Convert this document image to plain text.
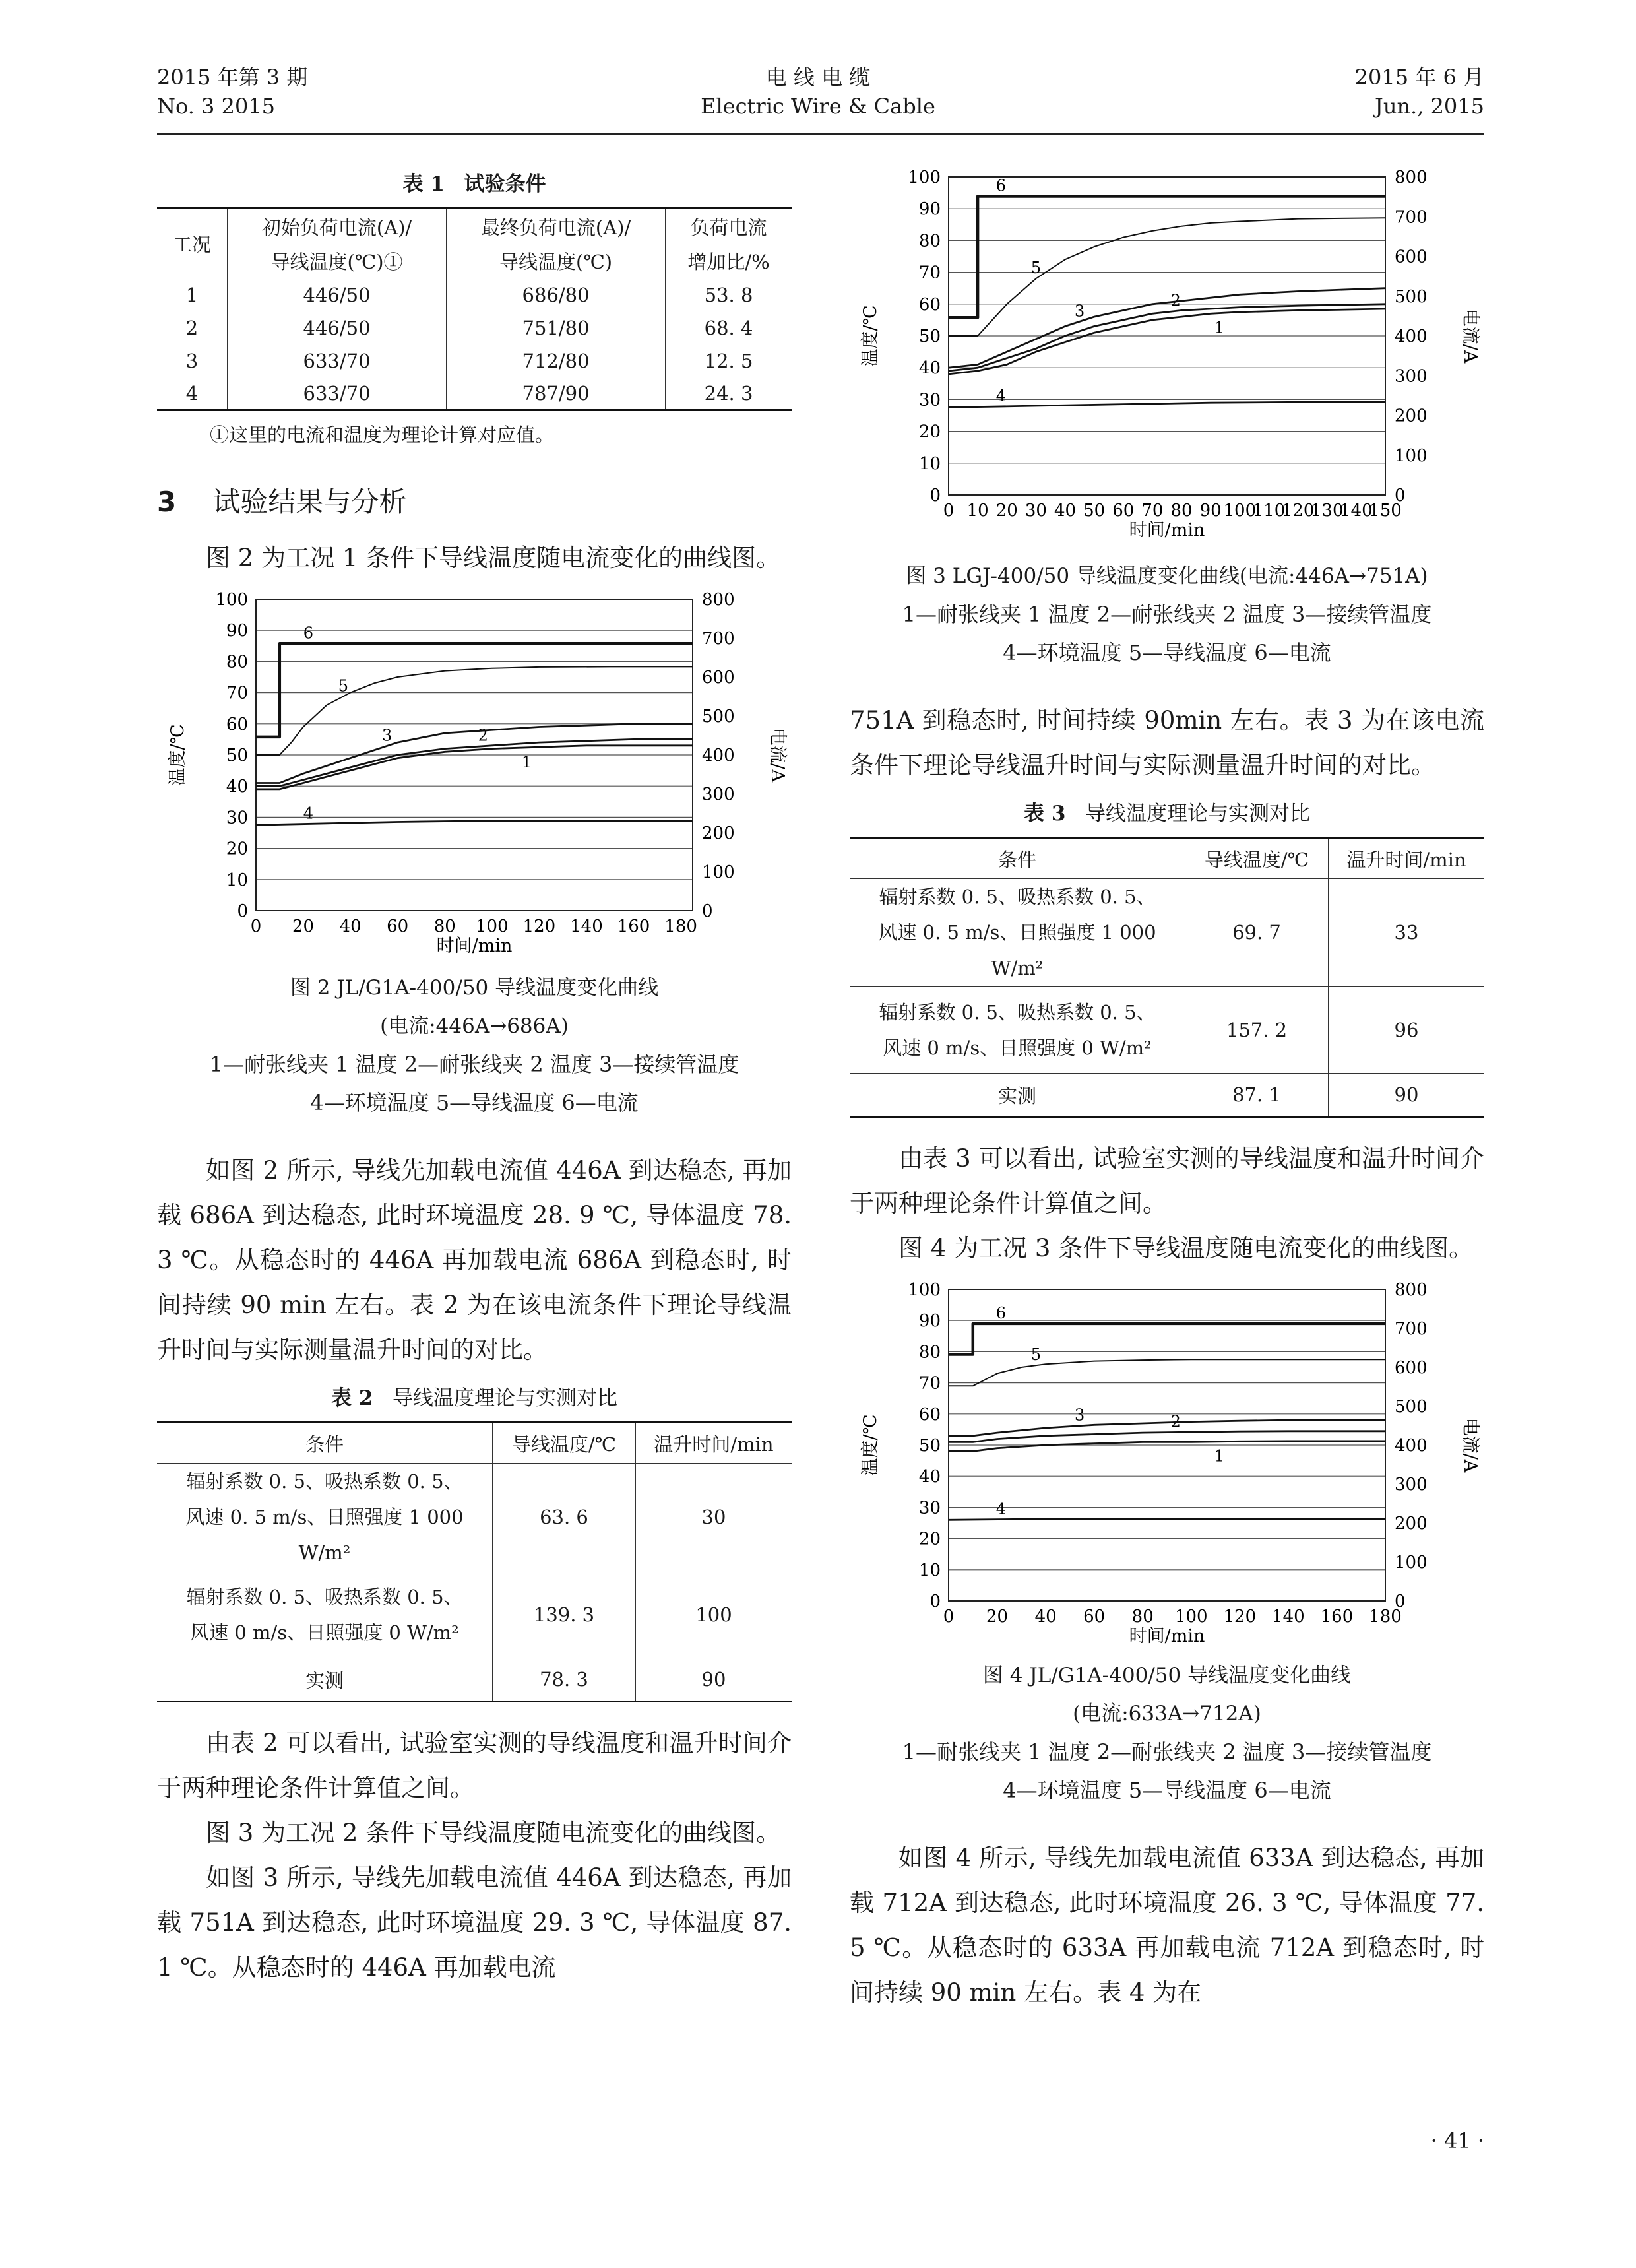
2015 年第 3 期
No. 3 2015
电 线 电 缆
Electric Wire & Cable
2015 年 6 月
Jun., 2015
表 1 试验条件
工况	初始负荷电流(A)/	最终负荷电流(A)/	负荷电流
	导线温度(℃)①	导线温度(℃)	增加比/%
1	446/50	686/80	53. 8
2	446/50	751/80	68. 4
3	633/70	712/80	12. 5
4	633/70	787/90	24. 3
①这里的电流和温度为理论计算对应值。
3 试验结果与分析

图 2 为工况 1 条件下导线温度随电流变化的曲线图。

0
10
20
30
40
50
60
70
80
90
100
0
100
200
300
400
500
600
700
800
0 20 40 60 80 100 120 140 160 180
时间/min
温度/℃	电流/A
1
2
3
4
5
6
图 2 JL/G1A-400/50 导线温度变化曲线
(电流:446A→686A)
1—耐张线夹 1 温度 2—耐张线夹 2 温度 3—接续管温度
4—环境温度 5—导线温度 6—电流

如图 2 所示, 导线先加载电流值 446A 到达稳态, 再加载 686A 到达稳态, 此时环境温度 28. 9 ℃, 导体温度 78. 3 ℃。从稳态时的 446A 再加载电流 686A 到稳态时, 时间持续 90 min 左右。表 2 为在该电流条件下理论导线温升时间与实际测量温升时间的对比。

表 2 导线温度理论与实测对比
条件	导线温度/℃	温升时间/min

辐射系数 0. 5、吸热系数 0. 5、
风速 0. 5 m/s、日照强度 1 000 W/m²	63. 6	30

辐射系数 0. 5、吸热系数 0. 5、
风速 0 m/s、日照强度 0 W/m²	139. 3	100
实测	78. 3	90

由表 2 可以看出, 试验室实测的导线温度和温升时间介于两种理论条件计算值之间。

图 3 为工况 2 条件下导线温度随电流变化的曲线图。

如图 3 所示, 导线先加载电流值 446A 到达稳态, 再加载 751A 到达稳态, 此时环境温度 29. 3 ℃, 导体温度 87. 1 ℃。从稳态时的 446A 再加载电流

0
10
20
30
40
50
60
70
80
90
100
0
100
200
300
400
500
600
700
800
0 10 20 30 40 50 60 70 80 90 100
110
120
130
140
150
时间/min
温度/℃	电流/A
1
2
3
4
5
6
图 3 LGJ-400/50 导线温度变化曲线(电流:446A→751A)
1—耐张线夹 1 温度 2—耐张线夹 2 温度 3—接续管温度
4—环境温度 5—导线温度 6—电流

751A 到稳态时, 时间持续 90min 左右。表 3 为在该电流条件下理论导线温升时间与实际测量温升时间的对比。

表 3 导线温度理论与实测对比
条件	导线温度/℃	温升时间/min

辐射系数 0. 5、吸热系数 0. 5、
风速 0. 5 m/s、日照强度 1 000 W/m²	69. 7	33

辐射系数 0. 5、吸热系数 0. 5、
风速 0 m/s、日照强度 0 W/m²	157. 2	96
实测	87. 1	90

由表 3 可以看出, 试验室实测的导线温度和温升时间介于两种理论条件计算值之间。

图 4 为工况 3 条件下导线温度随电流变化的曲线图。

0
10
20
30
40
50
60
70
80
90
100
0
100
200
300
400
500
600
700
800
0 20 40 60 80 100 120 140 160 180
时间/min
温度/℃	电流/A
1
2
3
4
5
6
图 4 JL/G1A-400/50 导线温度变化曲线
(电流:633A→712A)
1—耐张线夹 1 温度 2—耐张线夹 2 温度 3—接续管温度
4—环境温度 5—导线温度 6—电流

如图 4 所示, 导线先加载电流值 633A 到达稳态, 再加载 712A 到达稳态, 此时环境温度 26. 3 ℃, 导体温度 77. 5 ℃。从稳态时的 633A 再加载电流 712A 到稳态时, 时间持续 90 min 左右。表 4 为在

· 41 ·
